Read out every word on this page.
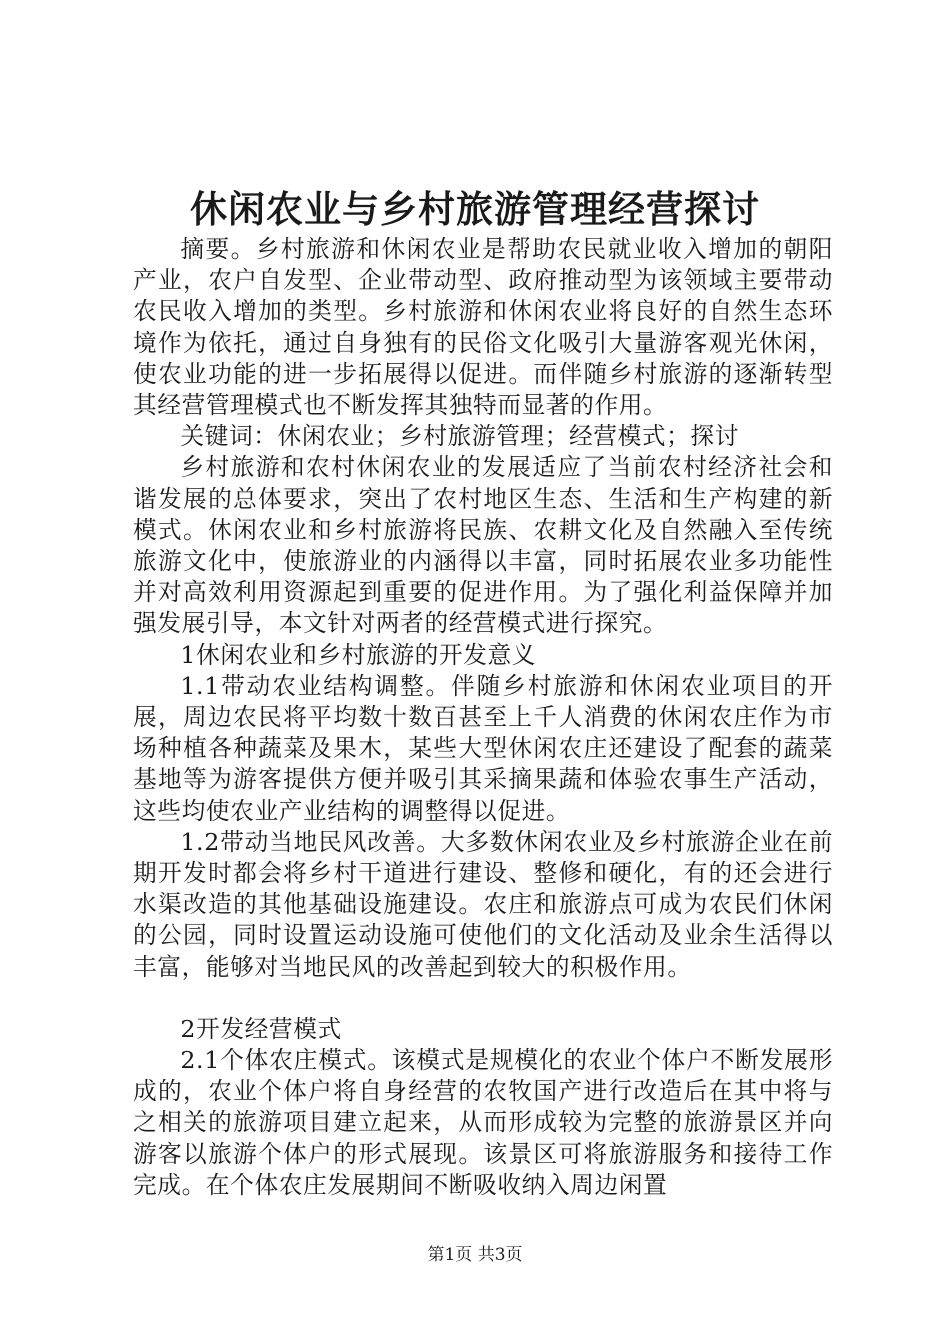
休闲农业与乡村旅游管理经营探讨

摘要。乡村旅游和休闲农业是帮助农民就业收入增加的朝阳产业，农户自发型、企业带动型、政府推动型为该领域主要带动农民收入增加的类型。乡村旅游和休闲农业将良好的自然生态环境作为依托，通过自身独有的民俗文化吸引大量游客观光休闲，使农业功能的进一步拓展得以促进。而伴随乡村旅游的逐渐转型其经营管理模式也不断发挥其独特而显著的作用。

关键词：休闲农业；乡村旅游管理；经营模式；探讨

乡村旅游和农村休闲农业的发展适应了当前农村经济社会和谐发展的总体要求，突出了农村地区生态、生活和生产构建的新模式。休闲农业和乡村旅游将民族、农耕文化及自然融入至传统旅游文化中，使旅游业的内涵得以丰富，同时拓展农业多功能性并对高效利用资源起到重要的促进作用。为了强化利益保障并加强发展引导，本文针对两者的经营模式进行探究。

1休闲农业和乡村旅游的开发意义

1.1带动农业结构调整。伴随乡村旅游和休闲农业项目的开展，周边农民将平均数十数百甚至上千人消费的休闲农庄作为市场种植各种蔬菜及果木，某些大型休闲农庄还建设了配套的蔬菜基地等为游客提供方便并吸引其采摘果蔬和体验农事生产活动，这些均使农业产业结构的调整得以促进。

1.2带动当地民风改善。大多数休闲农业及乡村旅游企业在前期开发时都会将乡村干道进行建设、整修和硬化，有的还会进行水渠改造的其他基础设施建设。农庄和旅游点可成为农民们休闲的公园，同时设置运动设施可使他们的文化活动及业余生活得以丰富，能够对当地民风的改善起到较大的积极作用。

2开发经营模式

2.1个体农庄模式。该模式是规模化的农业个体户不断发展形成的，农业个体户将自身经营的农牧国产进行改造后在其中将与之相关的旅游项目建立起来，从而形成较为完整的旅游景区并向游客以旅游个体户的形式展现。该景区可将旅游服务和接待工作完成。在个体农庄发展期间不断吸收纳入周边闲置

第1页 共3页
